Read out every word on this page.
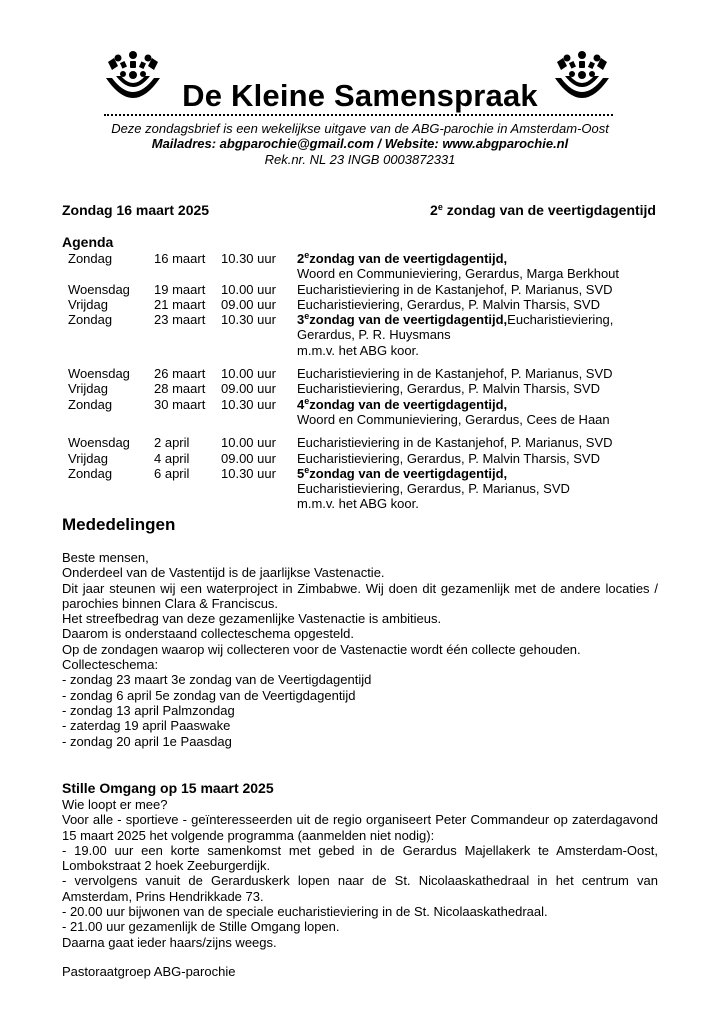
De Kleine Samenspraak
Deze zondagsbrief is een wekelijkse uitgave van de ABG-parochie in Amsterdam-Oost
Mailadres: abgparochie@gmail.com / Website: www.abgparochie.nl
Rek.nr. NL 23 INGB 0003872331
Zondag 16 maart 2025	2e zondag van de veertigdagentijd
Agenda
Zondag	16 maart 10.30 uur 2ezondag van de veertigdagentijd,
Woord en Communieviering, Gerardus, Marga Berkhout
Woensdag 19 maart 10.00 uur Eucharistieviering in de Kastanjehof, P. Marianus, SVD
Vrijdag	21 maart 09.00 uur Eucharistieviering, Gerardus, P. Malvin Tharsis, SVD
Zondag	23 maart 10.30 uur 3ezondag van de veertigdagentijd,Eucharistieviering,
Gerardus, P. R. Huysmans
m.m.v. het ABG koor.
Woensdag 26 maart 10.00 uur Eucharistieviering in de Kastanjehof, P. Marianus, SVD
Vrijdag	28 maart 09.00 uur Eucharistieviering, Gerardus, P. Malvin Tharsis, SVD
Zondag	30 maart 10.30 uur 4ezondag van de veertigdagentijd,
Woord en Communieviering, Gerardus, Cees de Haan
Woensdag 2 april 10.00 uur Eucharistieviering in de Kastanjehof, P. Marianus, SVD
Vrijdag	4 april 09.00 uur Eucharistieviering, Gerardus, P. Malvin Tharsis, SVD
Zondag	6 april 10.30 uur 5ezondag van de veertigdagentijd,
Eucharistieviering, Gerardus, P. Marianus, SVD
m.m.v. het ABG koor.
Mededelingen
Beste mensen,
Onderdeel van de Vastentijd is de jaarlijkse Vastenactie.
Dit jaar steunen wij een waterproject in Zimbabwe. Wij doen dit gezamenlijk met de andere locaties / parochies binnen Clara & Franciscus.
Het streefbedrag van deze gezamenlijke Vastenactie is ambitieus.
Daarom is onderstaand collecteschema opgesteld.
Op de zondagen waarop wij collecteren voor de Vastenactie wordt één collecte gehouden.
Collecteschema:
- zondag 23 maart 3e zondag van de Veertigdagentijd
- zondag 6 april 5e zondag van de Veertigdagentijd
- zondag 13 april Palmzondag
- zaterdag 19 april Paaswake
- zondag 20 april 1e Paasdag
Stille Omgang op 15 maart 2025
Wie loopt er mee?
Voor alle - sportieve - geïnteresseerden uit de regio organiseert Peter Commandeur op zaterdagavond 15 maart 2025 het volgende programma (aanmelden niet nodig):
- 19.00 uur een korte samenkomst met gebed in de Gerardus Majellakerk te Amsterdam-Oost, Lombokstraat 2 hoek Zeeburgerdijk.
- vervolgens vanuit de Gerarduskerk lopen naar de St. Nicolaaskathedraal in het centrum van Amsterdam, Prins Hendrikkade 73.
- 20.00 uur bijwonen van de speciale eucharistieviering in de St. Nicolaaskathedraal.
- 21.00 uur gezamenlijk de Stille Omgang lopen.
Daarna gaat ieder haars/zijns weegs.
Pastoraatgroep ABG-parochie
